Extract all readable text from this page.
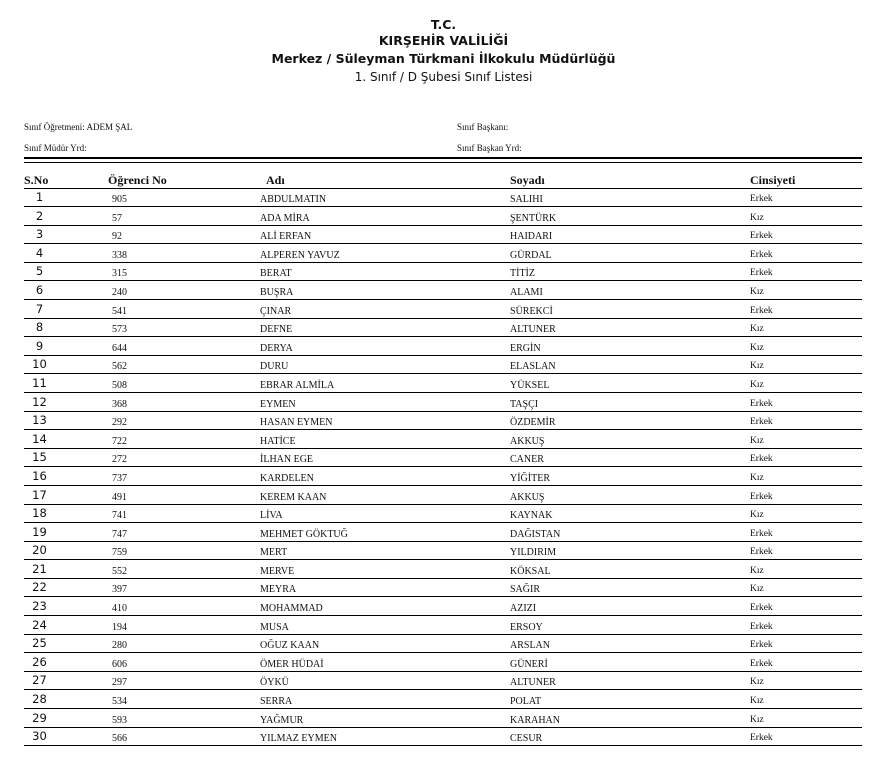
T.C.
KIRŞEHİR VALİLİĞİ
Merkez / Süleyman Türkmani İlkokulu Müdürlüğü
1. Sınıf / D Şubesi Sınıf Listesi
Sınıf Öğretmeni: ADEM ŞAL
Sınıf Müdür Yrd:
Sınıf Başkanı:
Sınıf Başkan Yrd:
S.No	Öğrenci No	Adı	Soyadı	Cinsiyeti
1	905	ABDULMATIN	SALIHI	Erkek
2	57	ADA MİRA	ŞENTÜRK	Kız
3	92	ALİ ERFAN	HAIDARI	Erkek
4	338	ALPEREN YAVUZ	GÜRDAL	Erkek
5	315	BERAT	TİTİZ	Erkek
6	240	BUŞRA	ALAMI	Kız
7	541	ÇINAR	SÜREKCİ	Erkek
8	573	DEFNE	ALTUNER	Kız
9	644	DERYA	ERGİN	Kız
10	562	DURU	ELASLAN	Kız
11	508	EBRAR ALMİLA	YÜKSEL	Kız
12	368	EYMEN	TAŞÇI	Erkek
13	292	HASAN EYMEN	ÖZDEMİR	Erkek
14	722	HATİCE	AKKUŞ	Kız
15	272	İLHAN EGE	CANER	Erkek
16	737	KARDELEN	YİĞİTER	Kız
17	491	KEREM KAAN	AKKUŞ	Erkek
18	741	LİVA	KAYNAK	Kız
19	747	MEHMET GÖKTUĞ	DAĞISTAN	Erkek
20	759	MERT	YILDIRIM	Erkek
21	552	MERVE	KÖKSAL	Kız
22	397	MEYRA	SAĞIR	Kız
23	410	MOHAMMAD	AZIZI	Erkek
24	194	MUSA	ERSOY	Erkek
25	280	OĞUZ KAAN	ARSLAN	Erkek
26	606	ÖMER HÜDAİ	GÜNERİ	Erkek
27	297	ÖYKÜ	ALTUNER	Kız
28	534	SERRA	POLAT	Kız
29	593	YAĞMUR	KARAHAN	Kız
30	566	YILMAZ EYMEN	CESUR	Erkek
